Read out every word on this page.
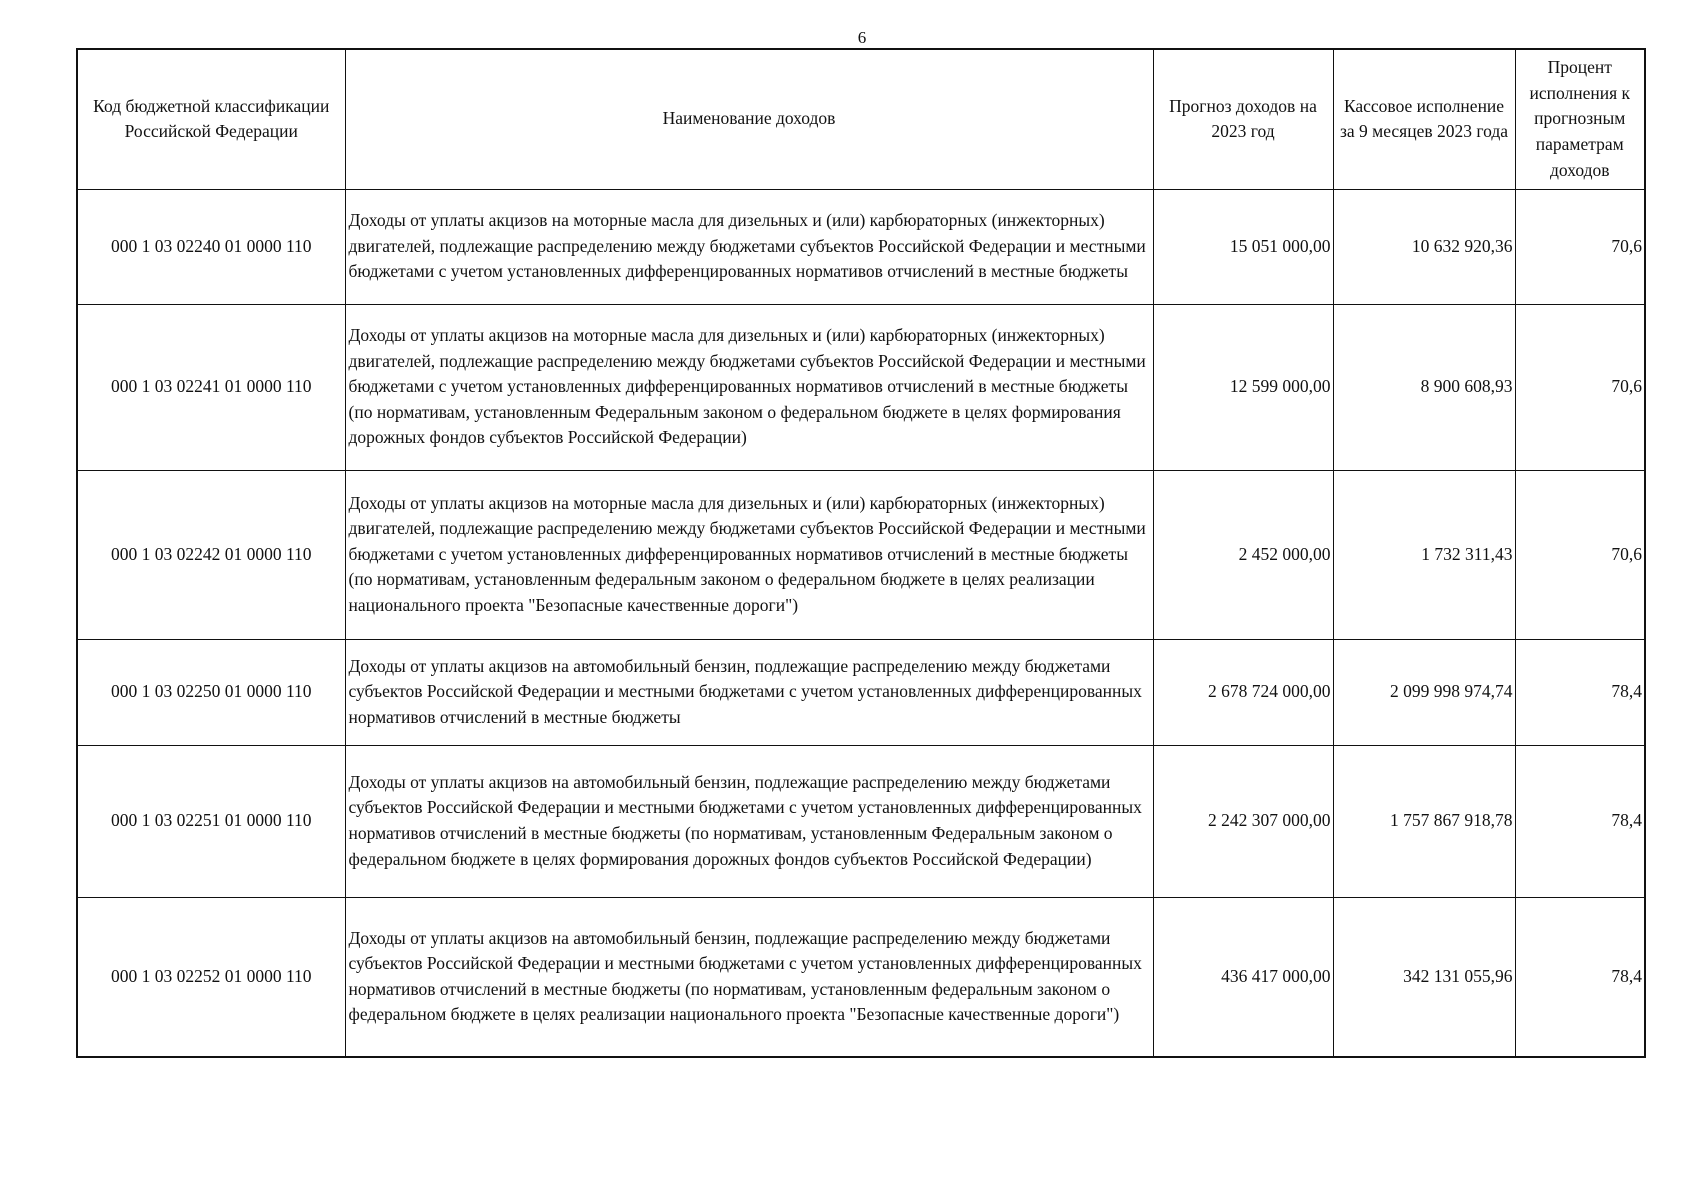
6
Код бюджетной классификации Российской Федерации	Наименование доходов	Прогноз доходов на 2023 год	Кассовое исполнение за 9 месяцев 2023 года	Процент исполнения к прогнозным параметрам доходов
000 1 03 02240 01 0000 110	Доходы от уплаты акцизов на моторные масла для дизельных и (или) карбюраторных (инжекторных) двигателей, подлежащие распределению между бюджетами субъектов Российской Федерации и местными бюджетами с учетом установленных дифференцированных нормативов отчислений в местные бюджеты	15 051 000,00	10 632 920,36	70,6
000 1 03 02241 01 0000 110	Доходы от уплаты акцизов на моторные масла для дизельных и (или) карбюраторных (инжекторных) двигателей, подлежащие распределению между бюджетами субъектов Российской Федерации и местными бюджетами с учетом установленных дифференцированных нормативов отчислений в местные бюджеты (по нормативам, установленным Федеральным законом о федеральном бюджете в целях формирования дорожных фондов субъектов Российской Федерации)	12 599 000,00	8 900 608,93	70,6
000 1 03 02242 01 0000 110	Доходы от уплаты акцизов на моторные масла для дизельных и (или) карбюраторных (инжекторных) двигателей, подлежащие распределению между бюджетами субъектов Российской Федерации и местными бюджетами с учетом установленных дифференцированных нормативов отчислений в местные бюджеты (по нормативам, установленным федеральным законом о федеральном бюджете в целях реализации национального проекта "Безопасные качественные дороги")	2 452 000,00	1 732 311,43	70,6
000 1 03 02250 01 0000 110	Доходы от уплаты акцизов на автомобильный бензин, подлежащие распределению между бюджетами субъектов Российской Федерации и местными бюджетами с учетом установленных дифференцированных нормативов отчислений в местные бюджеты	2 678 724 000,00	2 099 998 974,74	78,4
000 1 03 02251 01 0000 110	Доходы от уплаты акцизов на автомобильный бензин, подлежащие распределению между бюджетами субъектов Российской Федерации и местными бюджетами с учетом установленных дифференцированных нормативов отчислений в местные бюджеты (по нормативам, установленным Федеральным законом о федеральном бюджете в целях формирования дорожных фондов субъектов Российской Федерации)	2 242 307 000,00	1 757 867 918,78	78,4
000 1 03 02252 01 0000 110	Доходы от уплаты акцизов на автомобильный бензин, подлежащие распределению между бюджетами субъектов Российской Федерации и местными бюджетами с учетом установленных дифференцированных нормативов отчислений в местные бюджеты (по нормативам, установленным федеральным законом о федеральном бюджете в целях реализации национального проекта "Безопасные качественные дороги")	436 417 000,00	342 131 055,96	78,4
